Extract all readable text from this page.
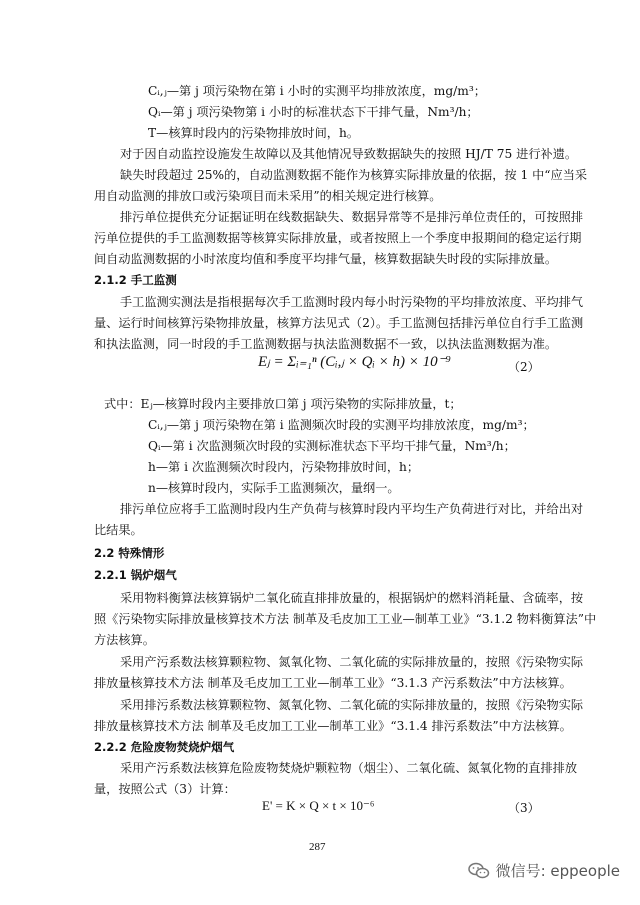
Cᵢ,ⱼ—第 j 项污染物在第 i 小时的实测平均排放浓度，mg/m³；
Qᵢ—第 j 项污染物第 i 小时的标准状态下干排气量，Nm³/h；
T—核算时段内的污染物排放时间，h。
对于因自动监控设施发生故障以及其他情况导致数据缺失的按照 HJ/T 75 进行补遗。
缺失时段超过 25%的，自动监测数据不能作为核算实际排放量的依据，按 1 中“应当采
用自动监测的排放口或污染项目而未采用”的相关规定进行核算。
排污单位提供充分证据证明在线数据缺失、数据异常等不是排污单位责任的，可按照排
污单位提供的手工监测数据等核算实际排放量，或者按照上一个季度申报期间的稳定运行期
间自动监测数据的小时浓度均值和季度平均排气量，核算数据缺失时段的实际排放量。
手工监测实测法是指根据每次手工监测时段内每小时污染物的平均排放浓度、平均排气
量、运行时间核算污染物排放量，核算方法见式（2）。手工监测包括排污单位自行手工监测
和执法监测，同一时段的手工监测数据与执法监测数据不一致，以执法监测数据为准。
式中：Eⱼ—核算时段内主要排放口第 j 项污染物的实际排放量，t；
Cᵢ,ⱼ—第 j 项污染物在第 i 监测频次时段的实测平均排放浓度，mg/m³；
Qᵢ—第 i 次监测频次时段的实测标准状态下平均干排气量，Nm³/h；
h—第 i 次监测频次时段内，污染物排放时间，h；
n—核算时段内，实际手工监测频次，量纲一。
排污单位应将手工监测时段内生产负荷与核算时段内平均生产负荷进行对比，并给出对
比结果。
采用物料衡算法核算锅炉二氧化硫直排排放量的，根据锅炉的燃料消耗量、含硫率，按
照《污染物实际排放量核算技术方法 制革及毛皮加工工业—制革工业》“3.1.2 物料衡算法”中
方法核算。
采用产污系数法核算颗粒物、氮氧化物、二氧化硫的实际排放量的，按照《污染物实际
排放量核算技术方法 制革及毛皮加工工业—制革工业》“3.1.3 产污系数法”中方法核算。
采用排污系数法核算颗粒物、氮氧化物、二氧化硫的实际排放量的，按照《污染物实际
排放量核算技术方法 制革及毛皮加工工业—制革工业》“3.1.4 排污系数法”中方法核算。
采用产污系数法核算危险废物焚烧炉颗粒物（烟尘）、二氧化硫、氮氧化物的直排排放
量，按照公式（3）计算：
2.1.2 手工监测
2.2 特殊情形
2.2.1 锅炉烟气
2.2.2 危险废物焚烧炉烟气
Eⱼ = Σᵢ₌₁ⁿ (Cᵢ,ⱼ × Qᵢ × h) × 10⁻⁹	（2）
E' = K × Q × t × 10⁻⁶	（3）
287
微信号: eppeople
